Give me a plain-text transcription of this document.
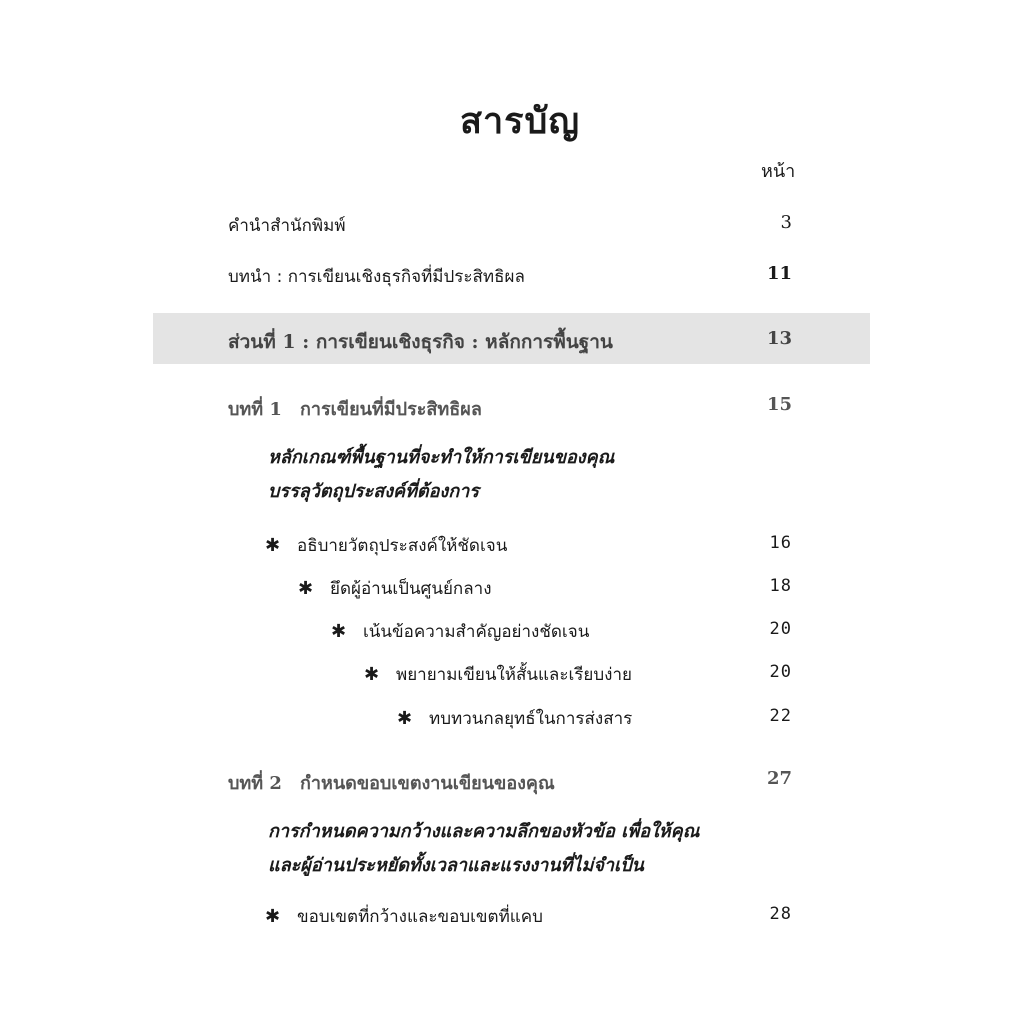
สารบัญ
หน้า
คำนำสำนักพิมพ์	3
บทนำ : การเขียนเชิงธุรกิจที่มีประสิทธิผล	11
ส่วนที่ 1 : การเขียนเชิงธุรกิจ : หลักการพื้นฐาน	13
บทที่ 1 การเขียนที่มีประสิทธิผล	15
หลักเกณฑ์พื้นฐานที่จะทำให้การเขียนของคุณ
บรรลุวัตถุประสงค์ที่ต้องการ
✱ อธิบายวัตถุประสงค์ให้ชัดเจน	16
✱ ยึดผู้อ่านเป็นศูนย์กลาง	18
✱ เน้นข้อความสำคัญอย่างชัดเจน	20
✱ พยายามเขียนให้สั้นและเรียบง่าย	20
✱ ทบทวนกลยุทธ์ในการส่งสาร	22
บทที่ 2 กำหนดขอบเขตงานเขียนของคุณ	27
การกำหนดความกว้างและความลึกของหัวข้อ เพื่อให้คุณ
และผู้อ่านประหยัดทั้งเวลาและแรงงานที่ไม่จำเป็น
✱ ขอบเขตที่กว้างและขอบเขตที่แคบ	28
